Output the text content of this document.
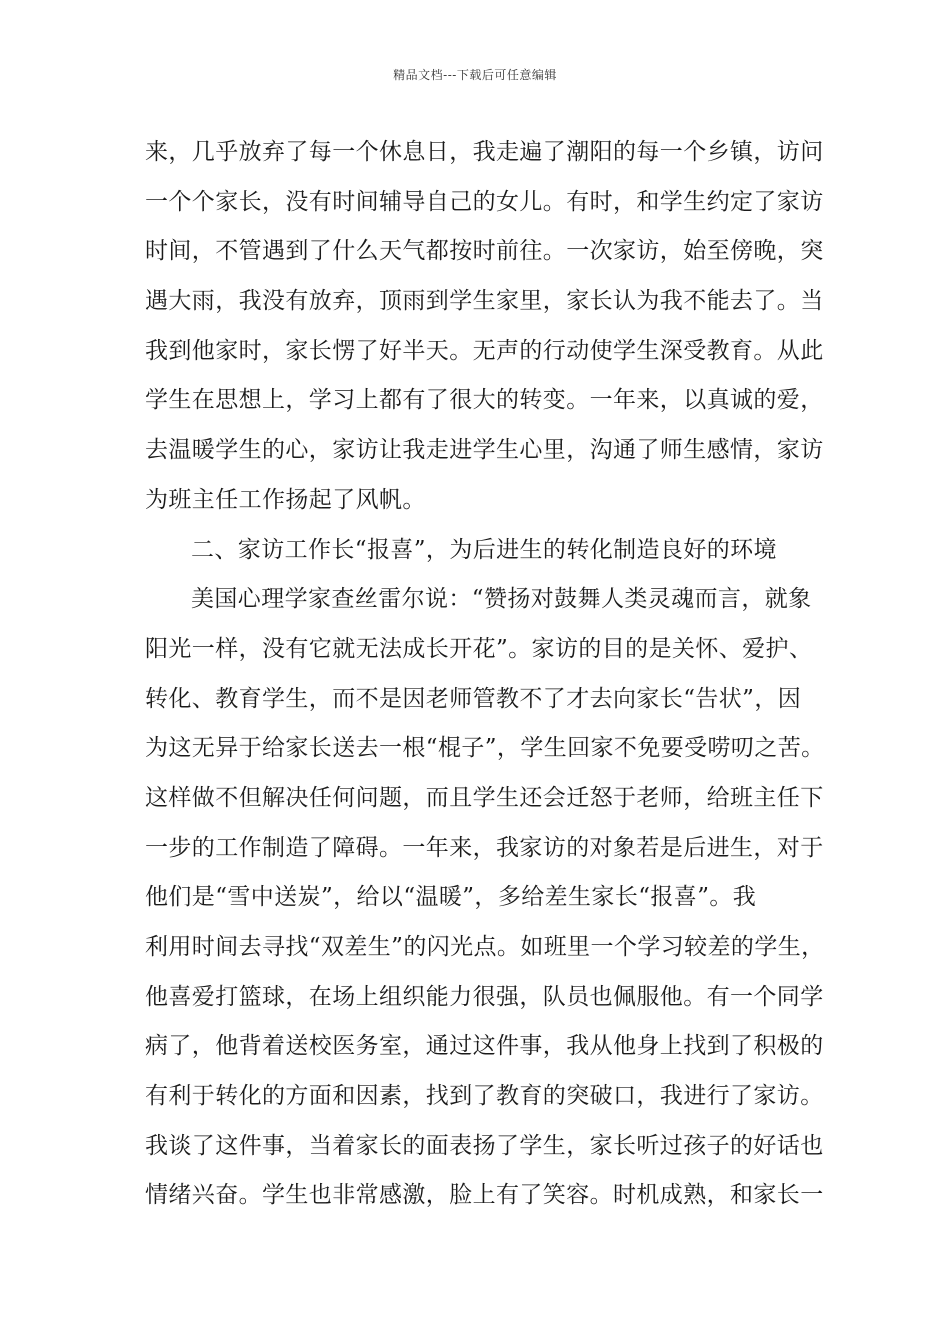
精品文档---下载后可任意编辑
来，几乎放弃了每一个休息日，我走遍了潮阳的每一个乡镇，访问
一个个家长，没有时间辅导自己的女儿。有时，和学生约定了家访
时间，不管遇到了什么天气都按时前往。一次家访，始至傍晚，突
遇大雨，我没有放弃，顶雨到学生家里，家长认为我不能去了。当
我到他家时，家长愣了好半天。无声的行动使学生深受教育。从此
学生在思想上，学习上都有了很大的转变。一年来，以真诚的爱，
去温暖学生的心，家访让我走进学生心里，沟通了师生感情，家访
为班主任工作扬起了风帆。
二、家访工作长“报喜”，为后进生的转化制造良好的环境
美国心理学家查丝雷尔说：“赞扬对鼓舞人类灵魂而言，就象
阳光一样，没有它就无法成长开花”。家访的目的是关怀、爱护、
转化、教育学生，而不是因老师管教不了才去向家长“告状”，因
为这无异于给家长送去一根“棍子”，学生回家不免要受唠叨之苦。
这样做不但解决任何问题，而且学生还会迁怒于老师，给班主任下
一步的工作制造了障碍。一年来，我家访的对象若是后进生，对于
他们是“雪中送炭”，给以“温暖”，多给差生家长“报喜”。我
利用时间去寻找“双差生”的闪光点。如班里一个学习较差的学生，
他喜爱打篮球，在场上组织能力很强，队员也佩服他。有一个同学
病了，他背着送校医务室，通过这件事，我从他身上找到了积极的
有利于转化的方面和因素，找到了教育的突破口，我进行了家访。
我谈了这件事，当着家长的面表扬了学生，家长听过孩子的好话也
情绪兴奋。学生也非常感激，脸上有了笑容。时机成熟，和家长一
